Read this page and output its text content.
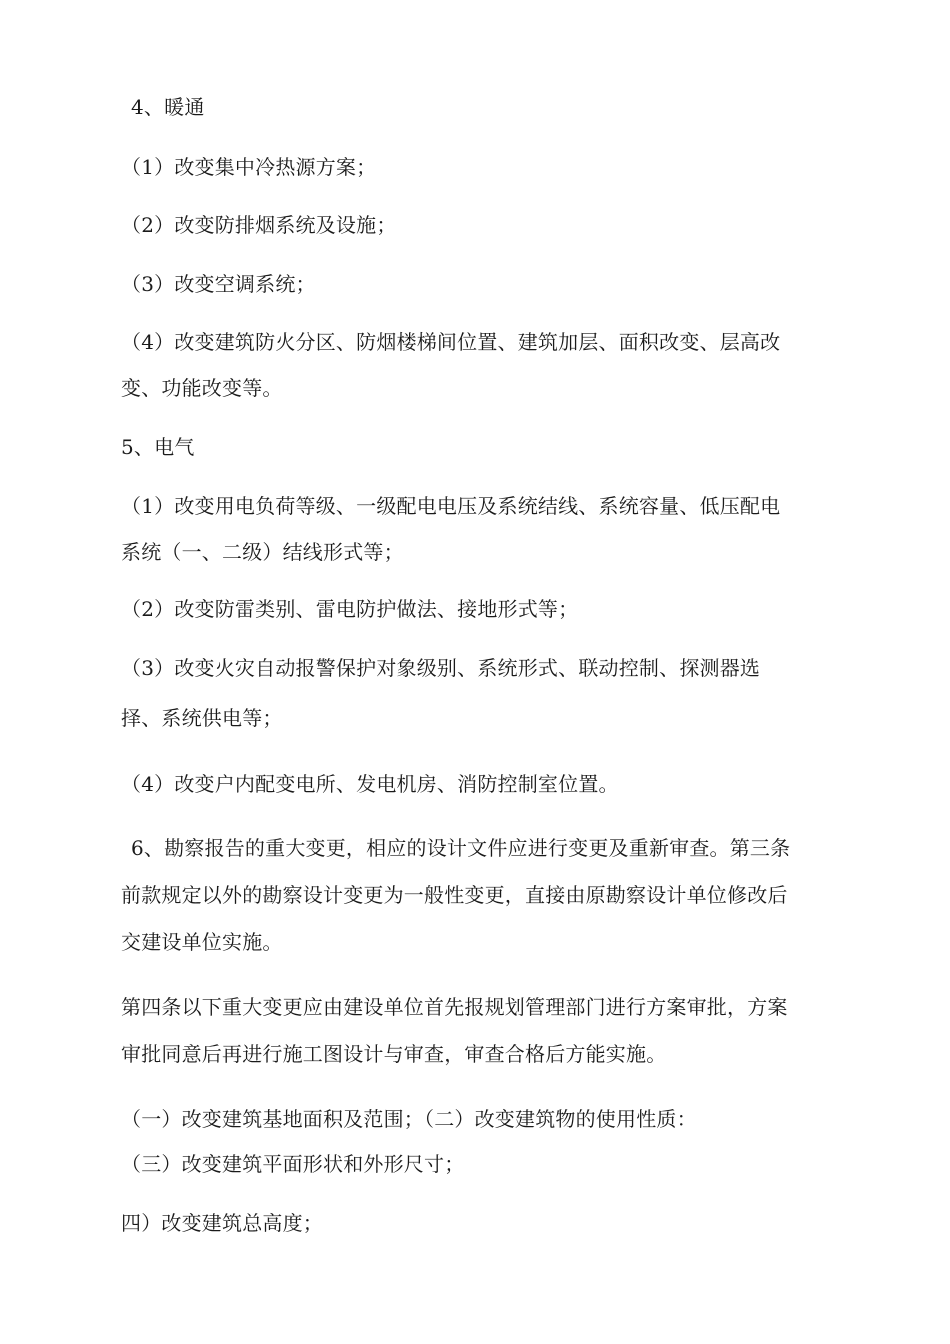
4、暖通
（1）改变集中冷热源方案；
（2）改变防排烟系统及设施；
（3）改变空调系统；
（4）改变建筑防火分区、防烟楼梯间位置、建筑加层、面积改变、层高改
变、功能改变等。
5、电气
（1）改变用电负荷等级、一级配电电压及系统结线、系统容量、低压配电
系统（一、二级）结线形式等；
（2）改变防雷类别、雷电防护做法、接地形式等；
（3）改变火灾自动报警保护对象级别、系统形式、联动控制、探测器选
择、系统供电等；
（4）改变户内配变电所、发电机房、消防控制室位置。
6、勘察报告的重大变更，相应的设计文件应进行变更及重新审查。第三条
前款规定以外的勘察设计变更为一般性变更，直接由原勘察设计单位修改后
交建设单位实施。
第四条以下重大变更应由建设单位首先报规划管理部门进行方案审批，方案
审批同意后再进行施工图设计与审查，审查合格后方能实施。
（一）改变建筑基地面积及范围；（二）改变建筑物的使用性质：
（三）改变建筑平面形状和外形尺寸；
四）改变建筑总高度；
